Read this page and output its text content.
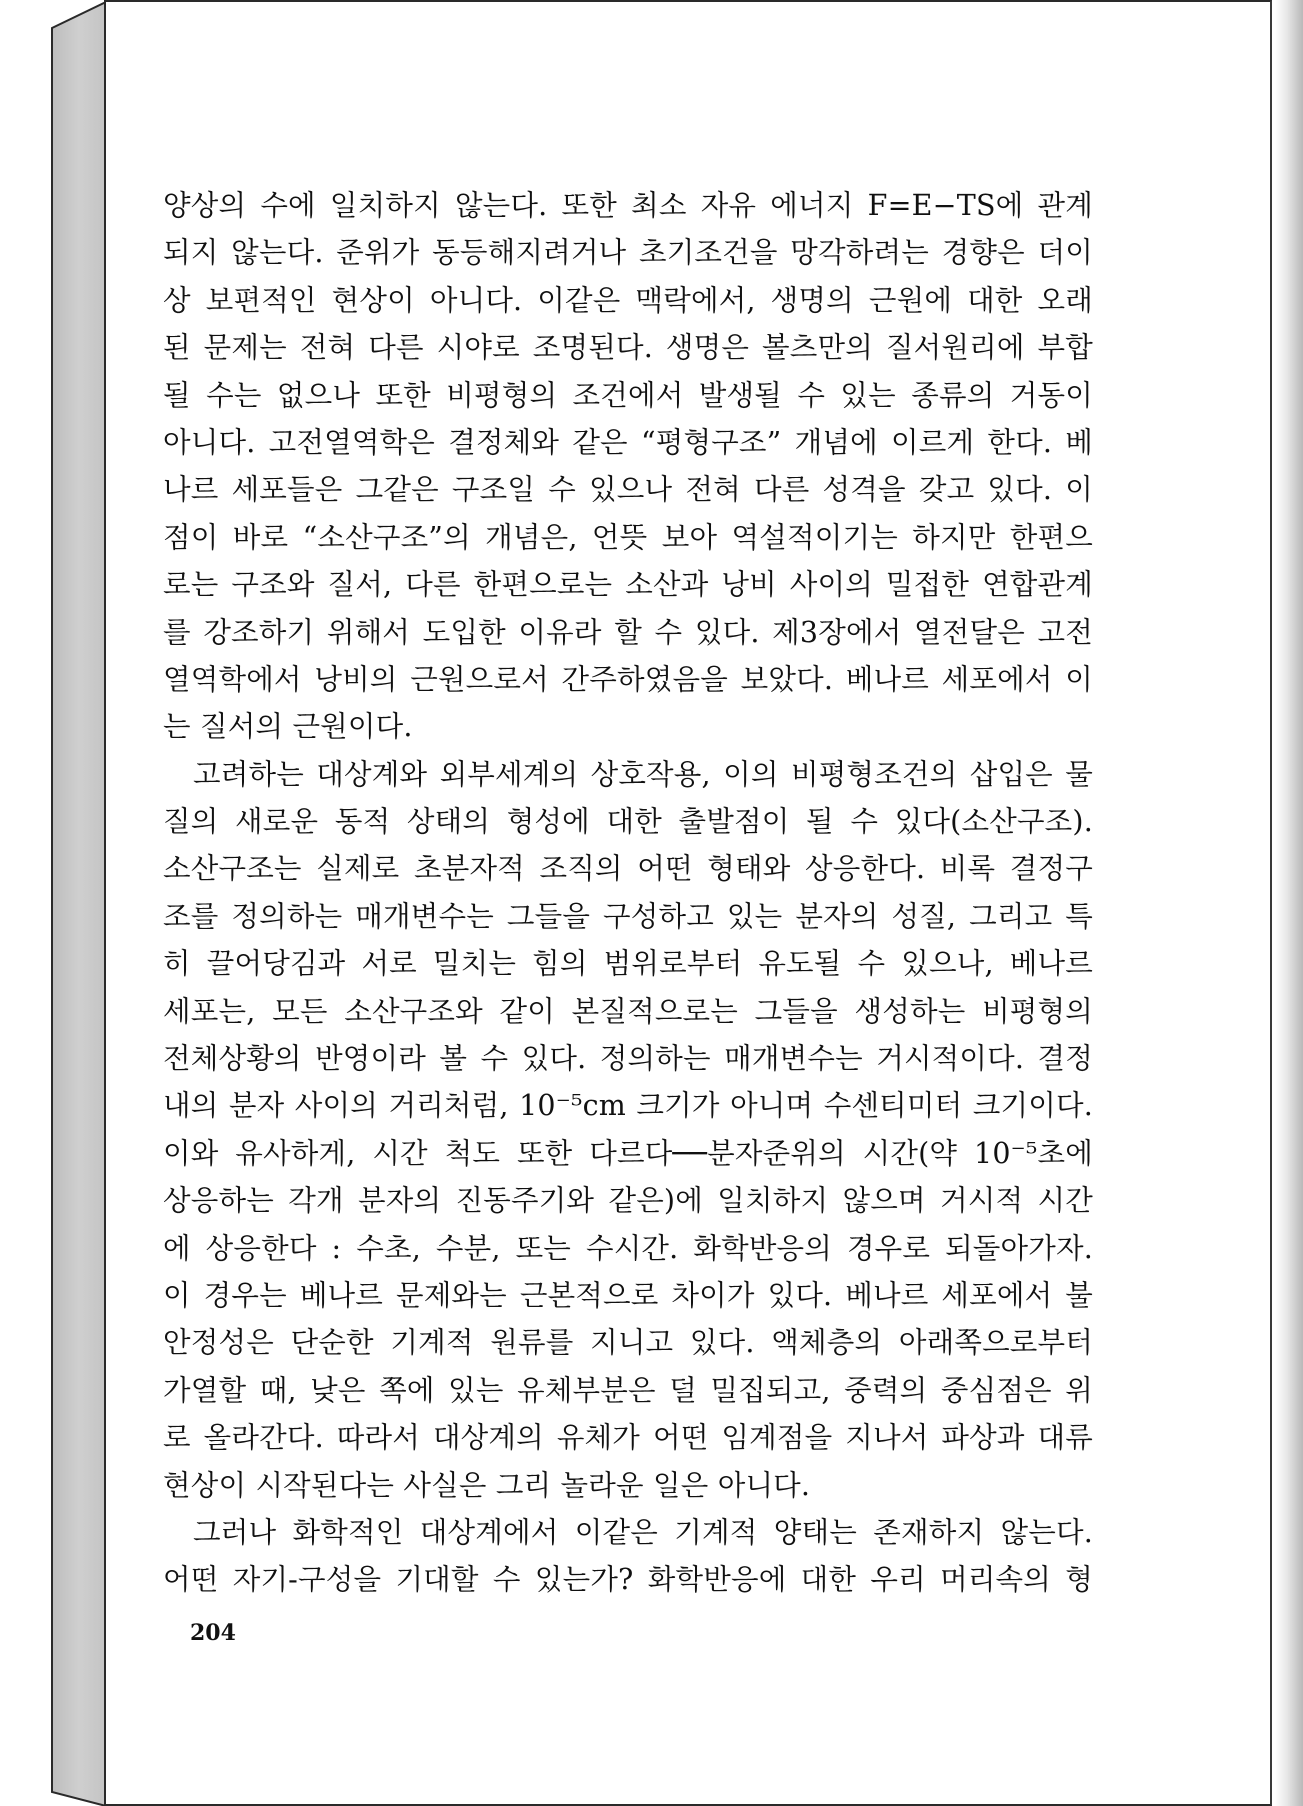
양상의 수에 일치하지 않는다. 또한 최소 자유 에너지 F=E−TS에 관계
되지 않는다. 준위가 동등해지려거나 초기조건을 망각하려는 경향은 더이
상 보편적인 현상이 아니다. 이같은 맥락에서, 생명의 근원에 대한 오래
된 문제는 전혀 다른 시야로 조명된다. 생명은 볼츠만의 질서원리에 부합
될 수는 없으나 또한 비평형의 조건에서 발생될 수 있는 종류의 거동이
아니다. 고전열역학은 결정체와 같은 “평형구조” 개념에 이르게 한다. 베
나르 세포들은 그같은 구조일 수 있으나 전혀 다른 성격을 갖고 있다. 이
점이 바로 “소산구조”의 개념은, 언뜻 보아 역설적이기는 하지만 한편으
로는 구조와 질서, 다른 한편으로는 소산과 낭비 사이의 밀접한 연합관계
를 강조하기 위해서 도입한 이유라 할 수 있다. 제3장에서 열전달은 고전
열역학에서 낭비의 근원으로서 간주하였음을 보았다. 베나르 세포에서 이
는 질서의 근원이다.
고려하는 대상계와 외부세계의 상호작용, 이의 비평형조건의 삽입은 물
질의 새로운 동적 상태의 형성에 대한 출발점이 될 수 있다(소산구조).
소산구조는 실제로 초분자적 조직의 어떤 형태와 상응한다. 비록 결정구
조를 정의하는 매개변수는 그들을 구성하고 있는 분자의 성질, 그리고 특
히 끌어당김과 서로 밀치는 힘의 범위로부터 유도될 수 있으나, 베나르
세포는, 모든 소산구조와 같이 본질적으로는 그들을 생성하는 비평형의
전체상황의 반영이라 볼 수 있다. 정의하는 매개변수는 거시적이다. 결정
내의 분자 사이의 거리처럼, 10⁻⁵cm 크기가 아니며 수센티미터 크기이다.
이와 유사하게, 시간 척도 또한 다르다──분자준위의 시간(약 10⁻⁵초에
상응하는 각개 분자의 진동주기와 같은)에 일치하지 않으며 거시적 시간
에 상응한다 : 수초, 수분, 또는 수시간. 화학반응의 경우로 되돌아가자.
이 경우는 베나르 문제와는 근본적으로 차이가 있다. 베나르 세포에서 불
안정성은 단순한 기계적 원류를 지니고 있다. 액체층의 아래쪽으로부터
가열할 때, 낮은 쪽에 있는 유체부분은 덜 밀집되고, 중력의 중심점은 위
로 올라간다. 따라서 대상계의 유체가 어떤 임계점을 지나서 파상과 대류
현상이 시작된다는 사실은 그리 놀라운 일은 아니다.
그러나 화학적인 대상계에서 이같은 기계적 양태는 존재하지 않는다.
어떤 자기-구성을 기대할 수 있는가? 화학반응에 대한 우리 머리속의 형
204
